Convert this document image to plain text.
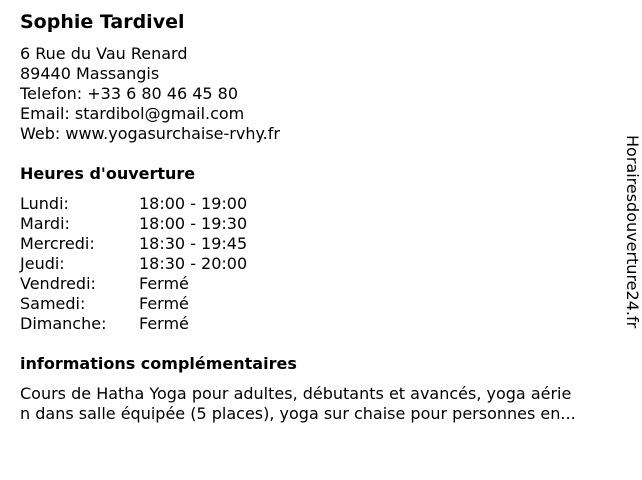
Sophie Tardivel
6 Rue du Vau Renard
89440 Massangis
Telefon: +33 6 80 46 45 80
Email: stardibol@gmail.com
Web: www.yogasurchaise-rvhy.fr
Heures d'ouverture
Lundi:	18:00 - 19:00
Mardi:	18:00 - 19:30
Mercredi:	18:30 - 19:45
Jeudi:	18:30 - 20:00
Vendredi:	Fermé
Samedi:	Fermé
Dimanche:	Fermé
informations complémentaires
Cours de Hatha Yoga pour adultes, débutants et avancés, yoga aérie
n dans salle équipée (5 places), yoga sur chaise pour personnes en...
Horairesdouverture24.fr
